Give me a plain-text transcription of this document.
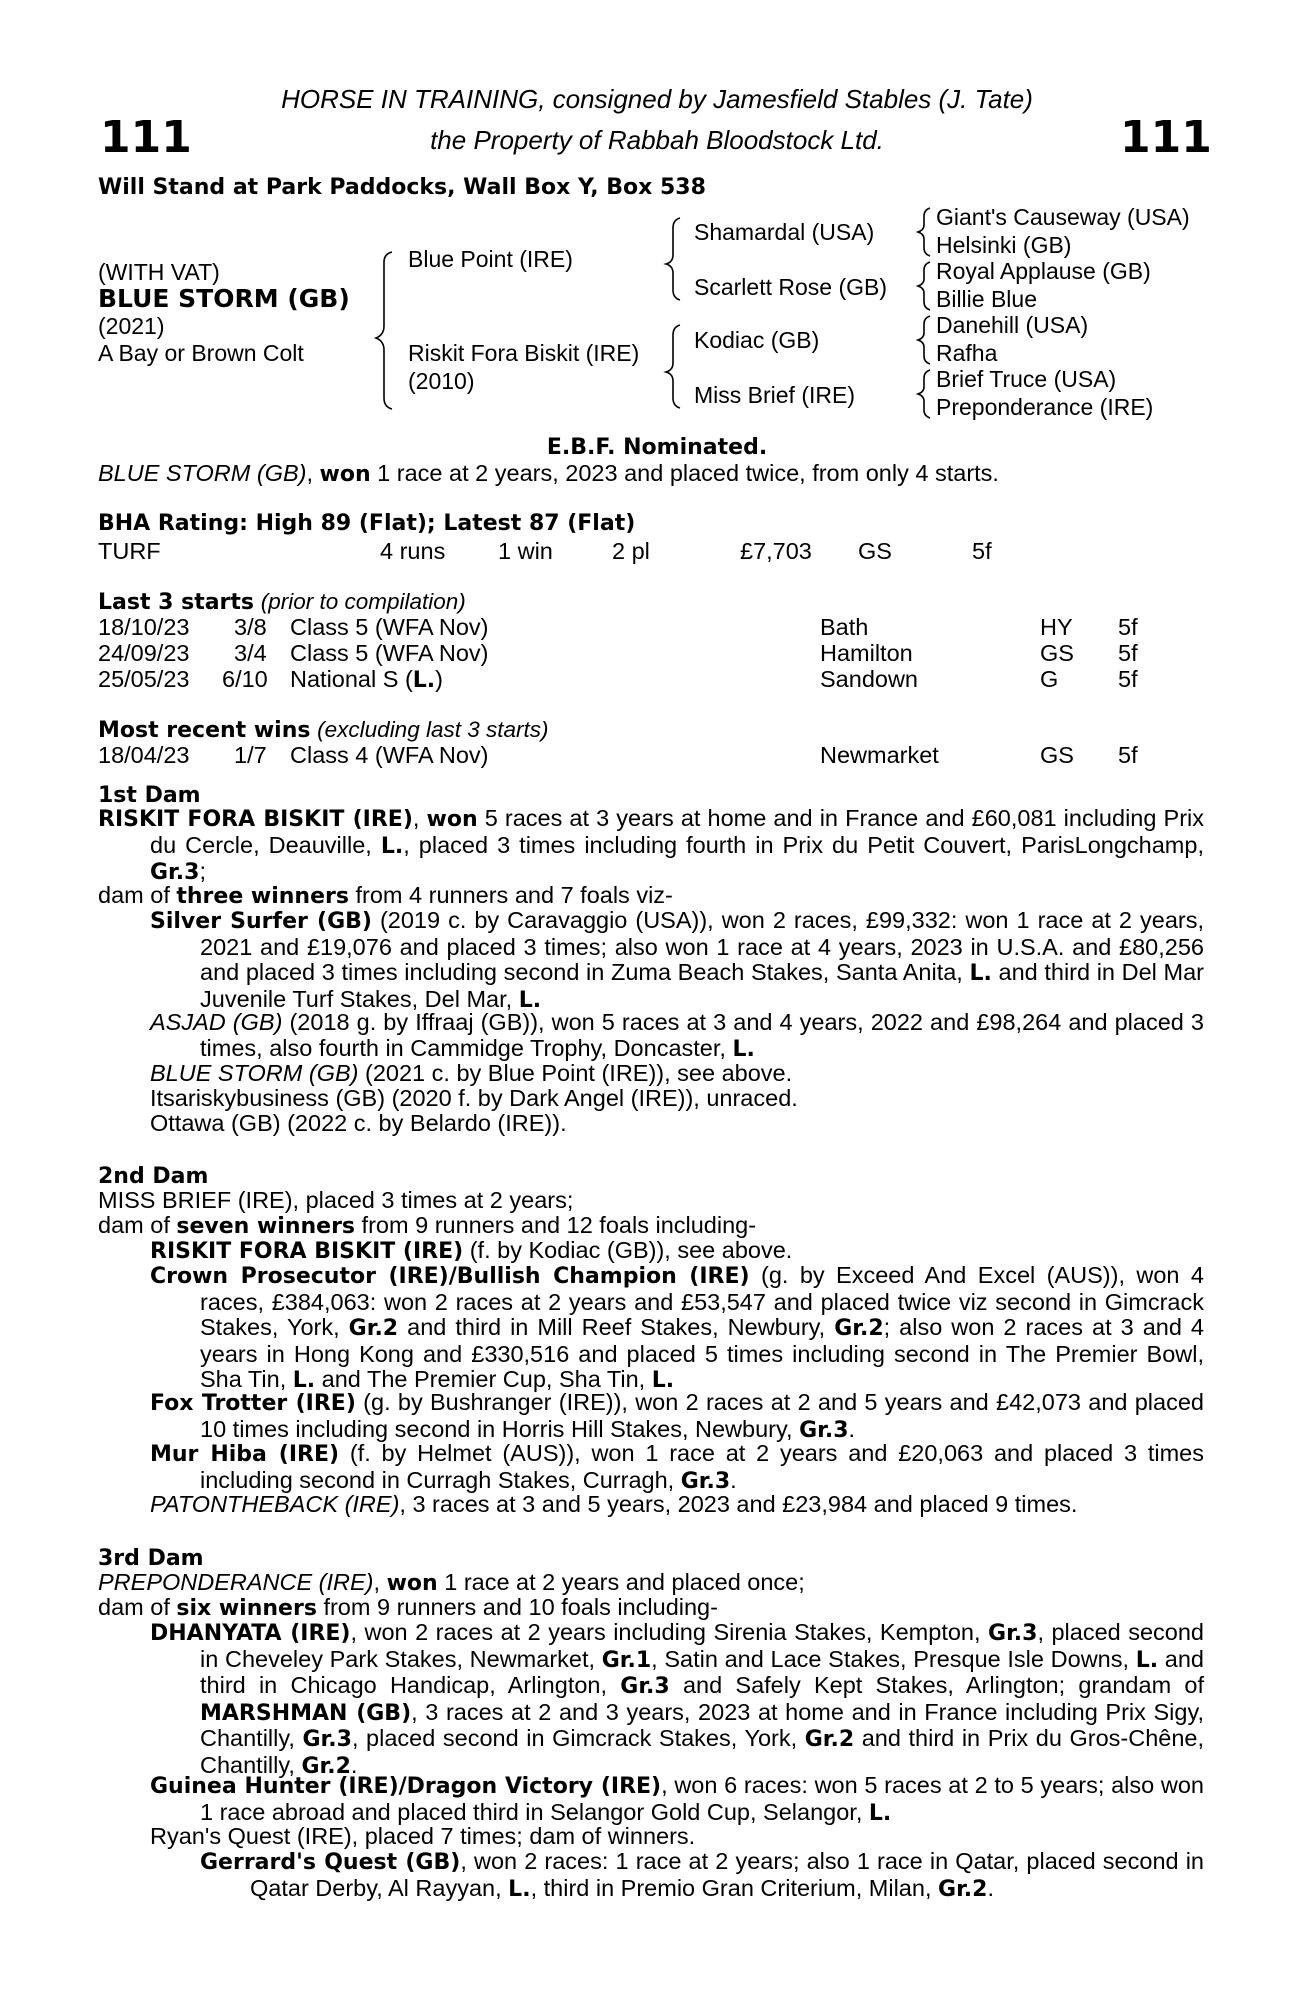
111	111
HORSE IN TRAINING, consigned by Jamesfield Stables (J. Tate)
the Property of Rabbah Bloodstock Ltd.
Will Stand at Park Paddocks, Wall Box Y, Box 538
(WITH VAT)
BLUE STORM (GB)
(2021)
A Bay or Brown Colt
Blue Point (IRE)
Riskit Fora Biskit (IRE)
(2010)
Shamardal (USA)
Scarlett Rose (GB)
Kodiac (GB)
Miss Brief (IRE)
Giant's Causeway (USA)
Helsinki (GB)
Royal Applause (GB)
Billie Blue
Danehill (USA)
Rafha
Brief Truce (USA)
Preponderance (IRE)
E.B.F. Nominated.
BLUE STORM (GB), won 1 race at 2 years, 2023 and placed twice, from only 4 starts.
BHA Rating: High 89 (Flat); Latest 87 (Flat)
TURF	4 runs 1 win	2 pl	£7,703 GS	5f
Last 3 starts (prior to compilation)
18/10/23 3/8 Class 5 (WFA Nov)	Bath	HY 5f
24/09/23 3/4 Class 5 (WFA Nov)	Hamilton	GS 5f
25/05/23 6/10 National S (L.)	Sandown	G	5f
Most recent wins (excluding last 3 starts)
18/04/23 1/7 Class 4 (WFA Nov)	Newmarket	GS 5f
1st Dam
RISKIT FORA BISKIT (IRE), won 5 races at 3 years at home and in France and £60,081 including Prix du Cercle, Deauville, L., placed 3 times including fourth in Prix du Petit Couvert, ParisLongchamp, Gr.3;
dam of three winners from 4 runners and 7 foals viz-
Silver Surfer (GB) (2019 c. by Caravaggio (USA)), won 2 races, £99,332: won 1 race at 2 years, 2021 and £19,076 and placed 3 times; also won 1 race at 4 years, 2023 in U.S.A. and £80,256 and placed 3 times including second in Zuma Beach Stakes, Santa Anita, L. and third in Del Mar Juvenile Turf Stakes, Del Mar, L.
ASJAD (GB) (2018 g. by Iffraaj (GB)), won 5 races at 3 and 4 years, 2022 and £98,264 and placed 3 times, also fourth in Cammidge Trophy, Doncaster, L.
BLUE STORM (GB) (2021 c. by Blue Point (IRE)), see above.
Itsariskybusiness (GB) (2020 f. by Dark Angel (IRE)), unraced.
Ottawa (GB) (2022 c. by Belardo (IRE)).
2nd Dam
MISS BRIEF (IRE), placed 3 times at 2 years;
dam of seven winners from 9 runners and 12 foals including-
RISKIT FORA BISKIT (IRE) (f. by Kodiac (GB)), see above.
Crown Prosecutor (IRE)/Bullish Champion (IRE) (g. by Exceed And Excel (AUS)), won 4 races, £384,063: won 2 races at 2 years and £53,547 and placed twice viz second in Gimcrack Stakes, York, Gr.2 and third in Mill Reef Stakes, Newbury, Gr.2; also won 2 races at 3 and 4 years in Hong Kong and £330,516 and placed 5 times including second in The Premier Bowl, Sha Tin, L. and The Premier Cup, Sha Tin, L.
Fox Trotter (IRE) (g. by Bushranger (IRE)), won 2 races at 2 and 5 years and £42,073 and placed 10 times including second in Horris Hill Stakes, Newbury, Gr.3.
Mur Hiba (IRE) (f. by Helmet (AUS)), won 1 race at 2 years and £20,063 and placed 3 times including second in Curragh Stakes, Curragh, Gr.3.
PATONTHEBACK (IRE), 3 races at 3 and 5 years, 2023 and £23,984 and placed 9 times.
3rd Dam
PREPONDERANCE (IRE), won 1 race at 2 years and placed once;
dam of six winners from 9 runners and 10 foals including-
DHANYATA (IRE), won 2 races at 2 years including Sirenia Stakes, Kempton, Gr.3, placed second in Cheveley Park Stakes, Newmarket, Gr.1, Satin and Lace Stakes, Presque Isle Downs, L. and third in Chicago Handicap, Arlington, Gr.3 and Safely Kept Stakes, Arlington; grandam of MARSHMAN (GB), 3 races at 2 and 3 years, 2023 at home and in France including Prix Sigy, Chantilly, Gr.3, placed second in Gimcrack Stakes, York, Gr.2 and third in Prix du Gros-Chêne, Chantilly, Gr.2.
Guinea Hunter (IRE)/Dragon Victory (IRE), won 6 races: won 5 races at 2 to 5 years; also won 1 race abroad and placed third in Selangor Gold Cup, Selangor, L.
Ryan's Quest (IRE), placed 7 times; dam of winners.
Gerrard's Quest (GB), won 2 races: 1 race at 2 years; also 1 race in Qatar, placed second in Qatar Derby, Al Rayyan, L., third in Premio Gran Criterium, Milan, Gr.2.
